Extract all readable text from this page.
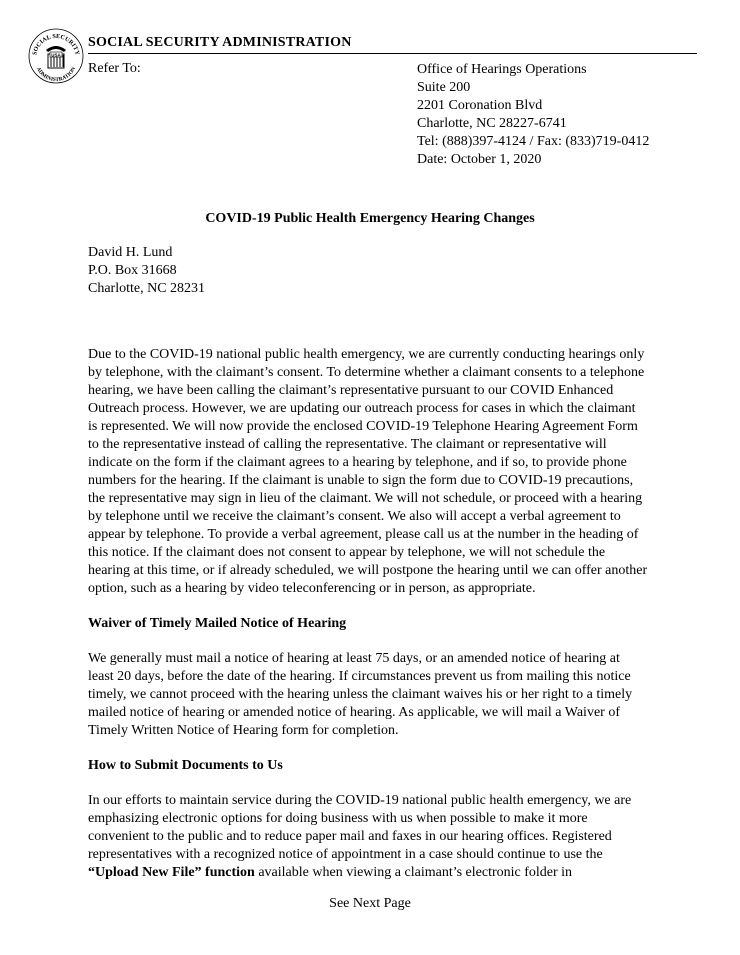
SOCIAL SECURITY
ADMINISTRATION
USA
SOCIAL SECURITY ADMINISTRATION
Refer To:	Office of Hearings Operations
Suite 200
2201 Coronation Blvd
Charlotte, NC 28227-6741
Tel: (888)397-4124 / Fax: (833)719-0412
Date: October 1, 2020
COVID-19 Public Health Emergency Hearing Changes
David H. Lund
P.O. Box 31668
Charlotte, NC 28231

Due to the COVID-19 national public health emergency, we are currently conducting hearings only by telephone, with the claimant’s consent. To determine whether a claimant consents to a telephone hearing, we have been calling the claimant’s representative pursuant to our COVID Enhanced Outreach process. However, we are updating our outreach process for cases in which the claimant is represented. We will now provide the enclosed COVID-19 Telephone Hearing Agreement Form to the representative instead of calling the representative. The claimant or representative will indicate on the form if the claimant agrees to a hearing by telephone, and if so, to provide phone numbers for the hearing. If the claimant is unable to sign the form due to COVID-19 precautions, the representative may sign in lieu of the claimant. We will not schedule, or proceed with a hearing by telephone until we receive the claimant’s consent. We also will accept a verbal agreement to appear by telephone. To provide a verbal agreement, please call us at the number in the heading of this notice. If the claimant does not consent to appear by telephone, we will not schedule the hearing at this time, or if already scheduled, we will postpone the hearing until we can offer another option, such as a hearing by video teleconferencing or in person, as appropriate.

Waiver of Timely Mailed Notice of Hearing

We generally must mail a notice of hearing at least 75 days, or an amended notice of hearing at least 20 days, before the date of the hearing. If circumstances prevent us from mailing this notice timely, we cannot proceed with the hearing unless the claimant waives his or her right to a timely mailed notice of hearing or amended notice of hearing. As applicable, we will mail a Waiver of Timely Written Notice of Hearing form for completion.

How to Submit Documents to Us

In our efforts to maintain service during the COVID-19 national public health emergency, we are emphasizing electronic options for doing business with us when possible to make it more convenient to the public and to reduce paper mail and faxes in our hearing offices. Registered representatives with a recognized notice of appointment in a case should continue to use the “Upload New File” function available when viewing a claimant’s electronic folder in

See Next Page
